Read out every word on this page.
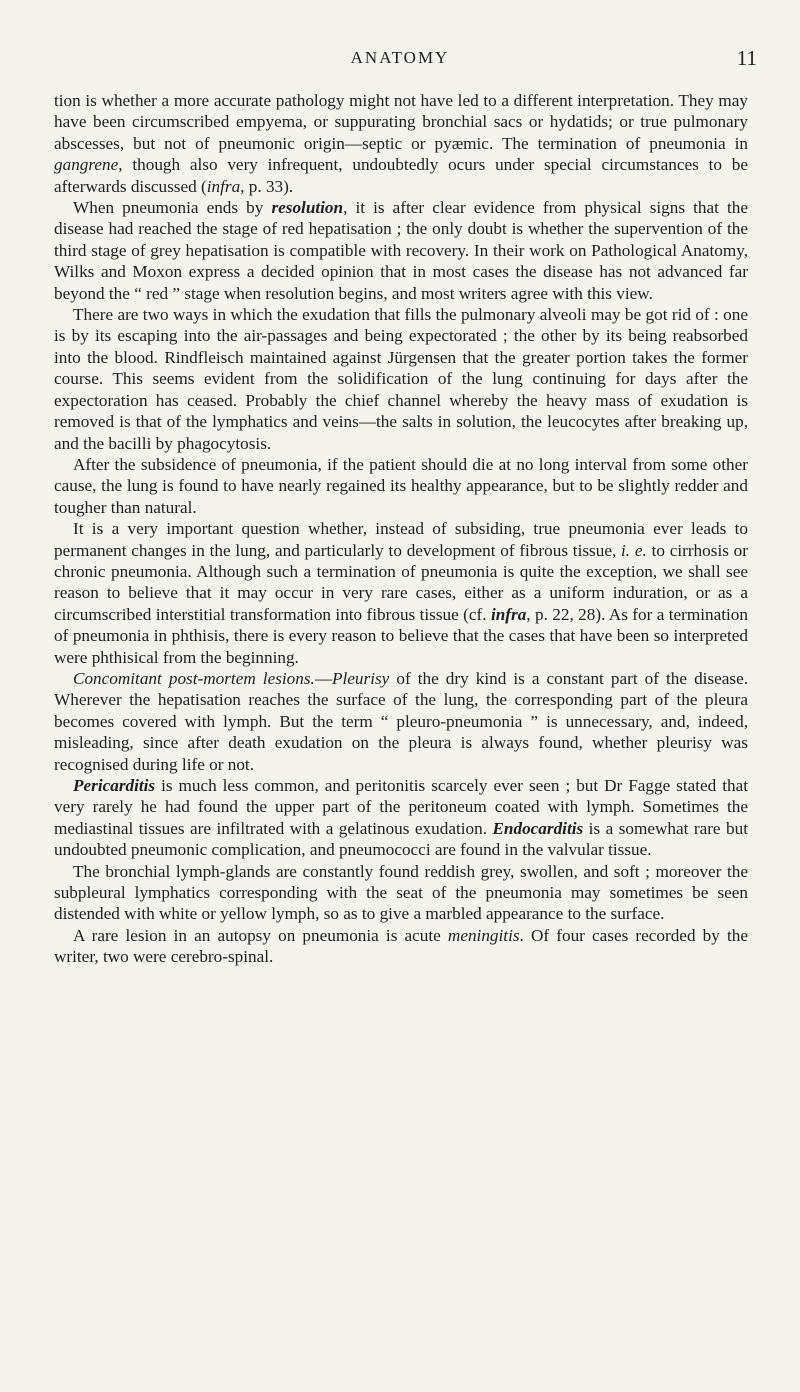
ANATOMY	11

tion is whether a more accurate pathology might not have led to a different interpretation. They may have been circumscribed empyema, or suppurating bronchial sacs or hydatids; or true pulmonary abscesses, but not of pneumonic origin—septic or pyæmic. The termination of pneumonia in gangrene, though also very infrequent, undoubtedly ocurs under special circumstances to be afterwards discussed (infra, p. 33).

When pneumonia ends by resolution, it is after clear evidence from physical signs that the disease had reached the stage of red hepatisation ; the only doubt is whether the supervention of the third stage of grey hepatisation is compatible with recovery. In their work on Pathological Anatomy, Wilks and Moxon express a decided opinion that in most cases the disease has not advanced far beyond the “ red ” stage when resolution begins, and most writers agree with this view.

There are two ways in which the exudation that fills the pulmonary alveoli may be got rid of : one is by its escaping into the air-passages and being expectorated ; the other by its being reabsorbed into the blood. Rindfleisch maintained against Jürgensen that the greater portion takes the former course. This seems evident from the solidification of the lung continuing for days after the expectoration has ceased. Probably the chief channel whereby the heavy mass of exudation is removed is that of the lymphatics and veins—the salts in solution, the leucocytes after breaking up, and the bacilli by phagocytosis.

After the subsidence of pneumonia, if the patient should die at no long interval from some other cause, the lung is found to have nearly regained its healthy appearance, but to be slightly redder and tougher than natural.

It is a very important question whether, instead of subsiding, true pneumonia ever leads to permanent changes in the lung, and particularly to development of fibrous tissue, i. e. to cirrhosis or chronic pneumonia. Although such a termination of pneumonia is quite the exception, we shall see reason to believe that it may occur in very rare cases, either as a uniform induration, or as a circumscribed interstitial transformation into fibrous tissue (cf. infra, p. 22, 28). As for a termination of pneumonia in phthisis, there is every reason to believe that the cases that have been so interpreted were phthisical from the beginning.

Concomitant post-mortem lesions.—Pleurisy of the dry kind is a constant part of the disease. Wherever the hepatisation reaches the surface of the lung, the corresponding part of the pleura becomes covered with lymph. But the term “ pleuro-pneumonia ” is unnecessary, and, indeed, misleading, since after death exudation on the pleura is always found, whether pleurisy was recognised during life or not.

Pericarditis is much less common, and peritonitis scarcely ever seen ; but Dr Fagge stated that very rarely he had found the upper part of the peritoneum coated with lymph. Sometimes the mediastinal tissues are infiltrated with a gelatinous exudation. Endocarditis is a somewhat rare but undoubted pneumonic complication, and pneumococci are found in the valvular tissue.

The bronchial lymph-glands are constantly found reddish grey, swollen, and soft ; moreover the subpleural lymphatics corresponding with the seat of the pneumonia may sometimes be seen distended with white or yellow lymph, so as to give a marbled appearance to the surface.

A rare lesion in an autopsy on pneumonia is acute meningitis. Of four cases recorded by the writer, two were cerebro-spinal.
